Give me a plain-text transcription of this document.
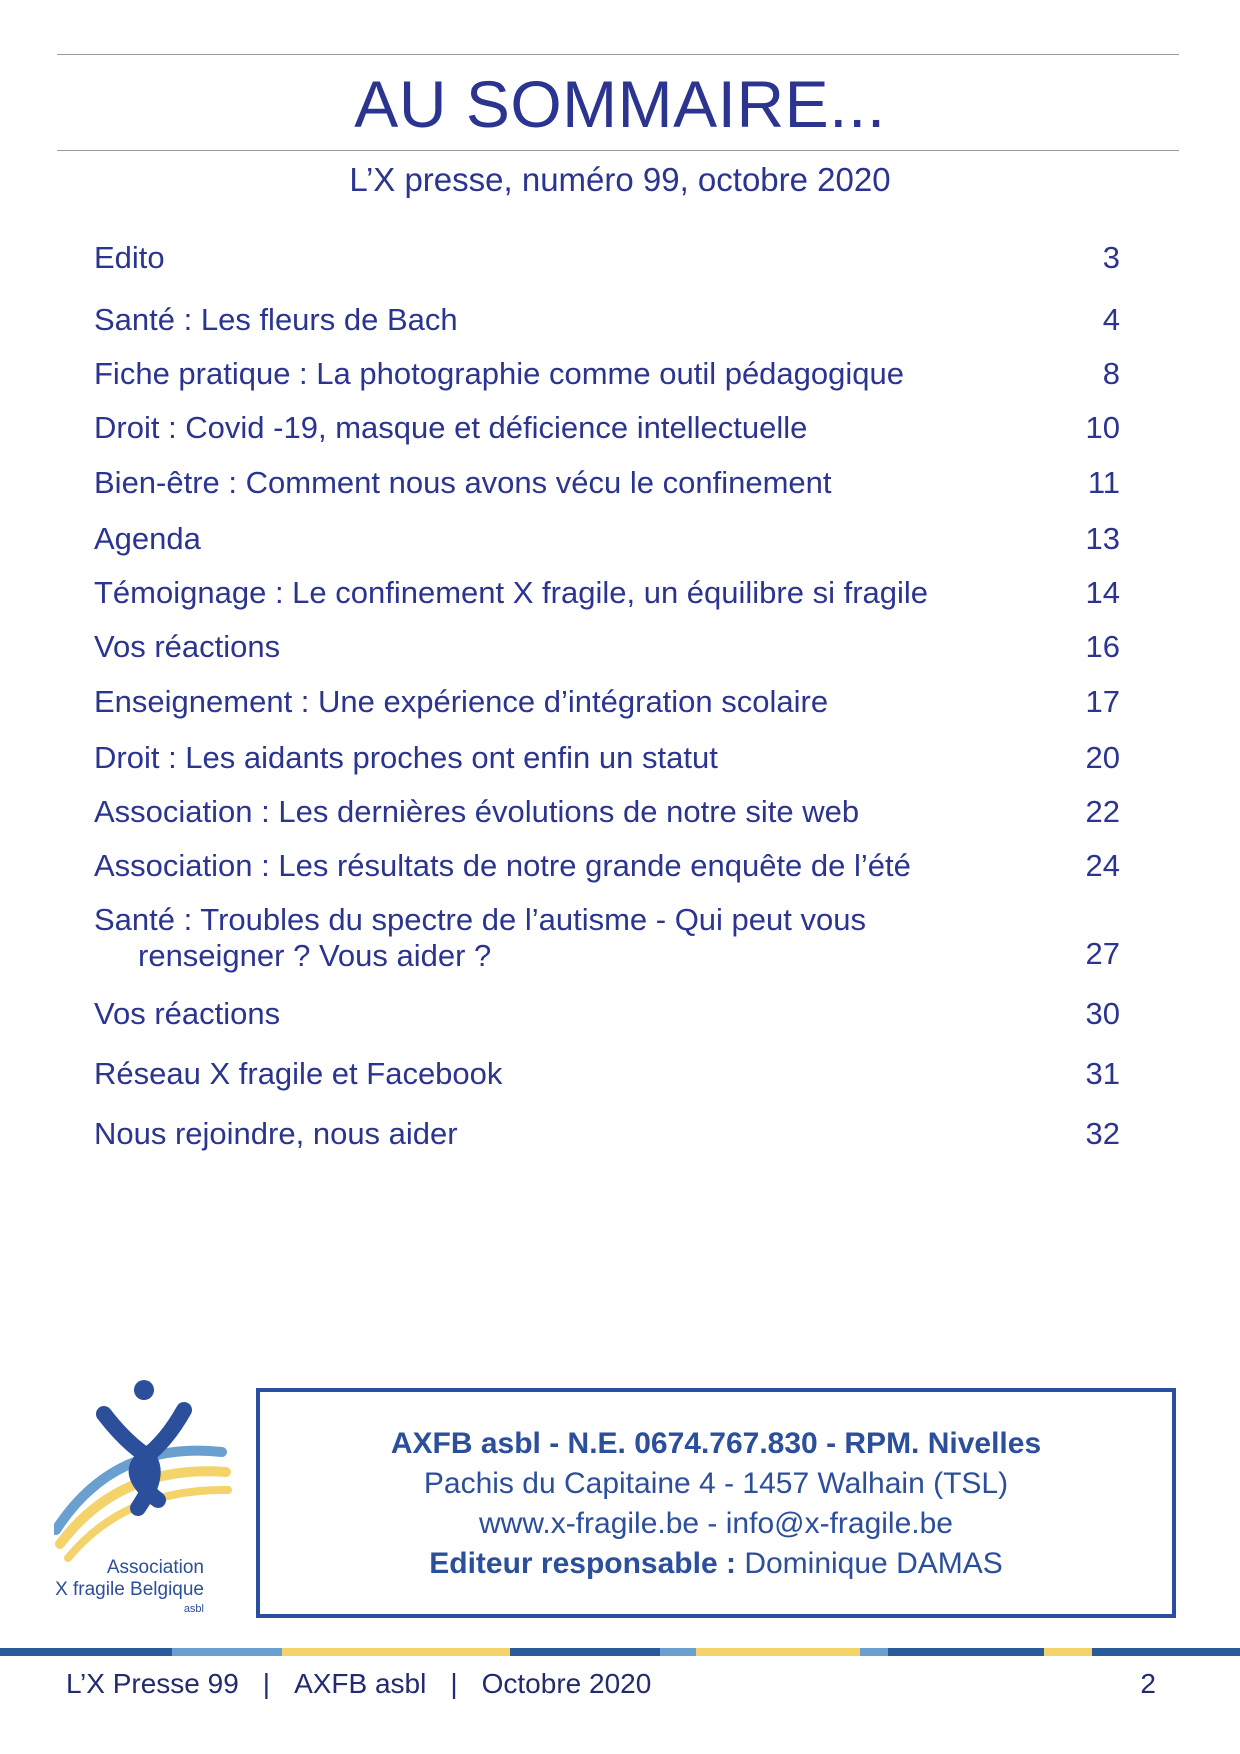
AU SOMMAIRE...
L’X presse, numéro 99, octobre 2020
Edito	3
Santé : Les fleurs de Bach	4
Fiche pratique : La photographie comme outil pédagogique	8
Droit : Covid -19, masque et déficience intellectuelle	10
Bien-être : Comment nous avons vécu le confinement	11
Agenda	13
Témoignage : Le confinement X fragile, un équilibre si fragile	14
Vos réactions	16
Enseignement : Une expérience d’intégration scolaire	17
Droit : Les aidants proches ont enfin un statut	20
Association : Les dernières évolutions de notre site web	22
Association : Les résultats de notre grande enquête de l’été	24
Santé : Troubles du spectre de l’autisme - Qui peut vous
renseigner ? Vous aider ?	27
Vos réactions	30
Réseau X fragile et Facebook	31
Nous rejoindre, nous aider	32
Association
X fragile Belgique
asbl
AXFB asbl - N.E. 0674.767.830 - RPM. Nivelles
Pachis du Capitaine 4 - 1457 Walhain (TSL)
www.x-fragile.be - info@x-fragile.be
Editeur responsable : Dominique DAMAS
L’X Presse 99 | AXFB asbl | Octobre 2020	2
